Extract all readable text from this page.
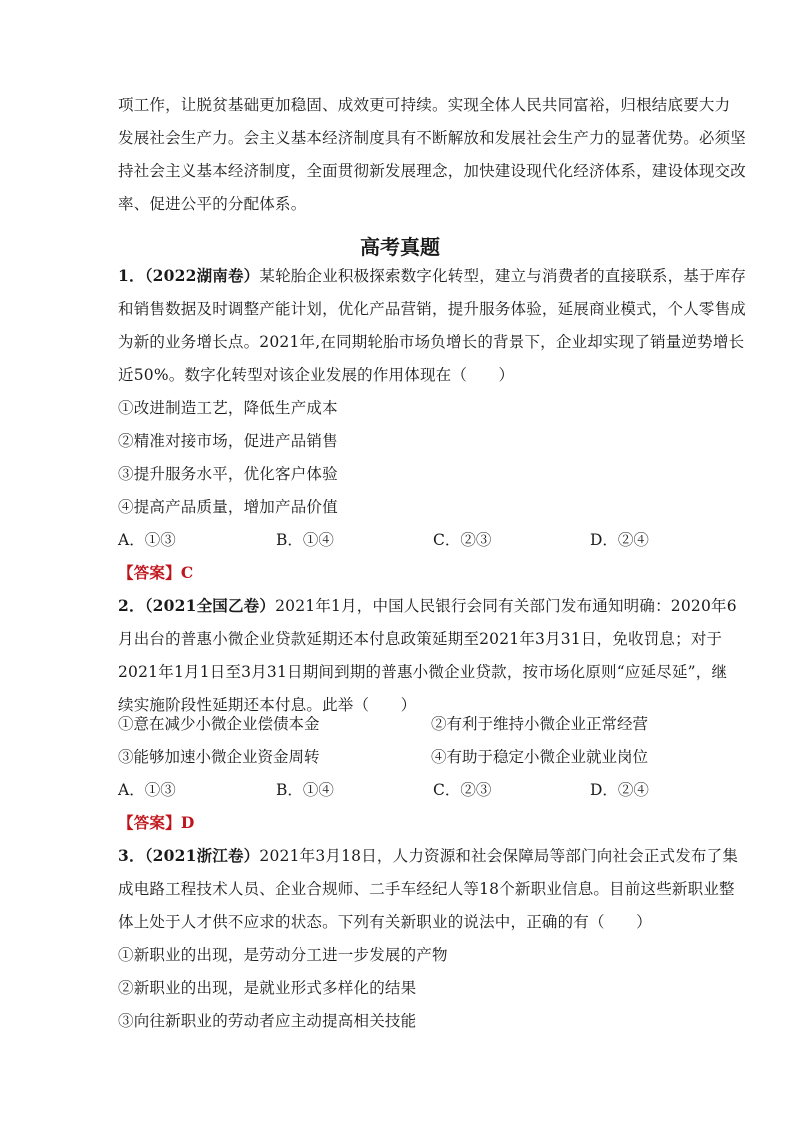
项工作，让脱贫基础更加稳固、成效更可持续。实现全体人民共同富裕，归根结底要大力
发展社会生产力。会主义基本经济制度具有不断解放和发展社会生产力的显著优势。必须坚
持社会主义基本经济制度，全面贯彻新发展理念，加快建设现代化经济体系，建设体现交改
率、促进公平的分配体系。
高考真题
1．（2022湖南卷）某轮胎企业积极探索数字化转型，建立与消费者的直接联系，基于库存
和销售数据及时调整产能计划，优化产品营销，提升服务体验，延展商业模式，个人零售成
为新的业务增长点。2021年,在同期轮胎市场负增长的背景下，企业却实现了销量逆势增长
近50%。数字化转型对该企业发展的作用体现在（　　）
①改进制造工艺，降低生产成本
②精准对接市场，促进产品销售
③提升服务水平，优化客户体验
④提高产品质量，增加产品价值
A．①③	B．①④	C．②③	D．②④
【答案】C
2．（2021全国乙卷）2021年1月，中国人民银行会同有关部门发布通知明确：2020年6
月出台的普惠小微企业贷款延期还本付息政策延期至2021年3月31日，免收罚息；对于
2021年1月1日至3月31日期间到期的普惠小微企业贷款，按市场化原则“应延尽延”，继
续实施阶段性延期还本付息。此举（　　）
①意在减少小微企业偿债本金	②有利于维持小微企业正常经营
③能够加速小微企业资金周转	④有助于稳定小微企业就业岗位
A．①③	B．①④	C．②③	D．②④
【答案】D
3．（2021浙江卷）2021年3月18日，人力资源和社会保障局等部门向社会正式发布了集
成电路工程技术人员、企业合规师、二手车经纪人等18个新职业信息。目前这些新职业整
体上处于人才供不应求的状态。下列有关新职业的说法中，正确的有（　　）
①新职业的出现，是劳动分工进一步发展的产物
②新职业的出现，是就业形式多样化的结果
③向往新职业的劳动者应主动提高相关技能
